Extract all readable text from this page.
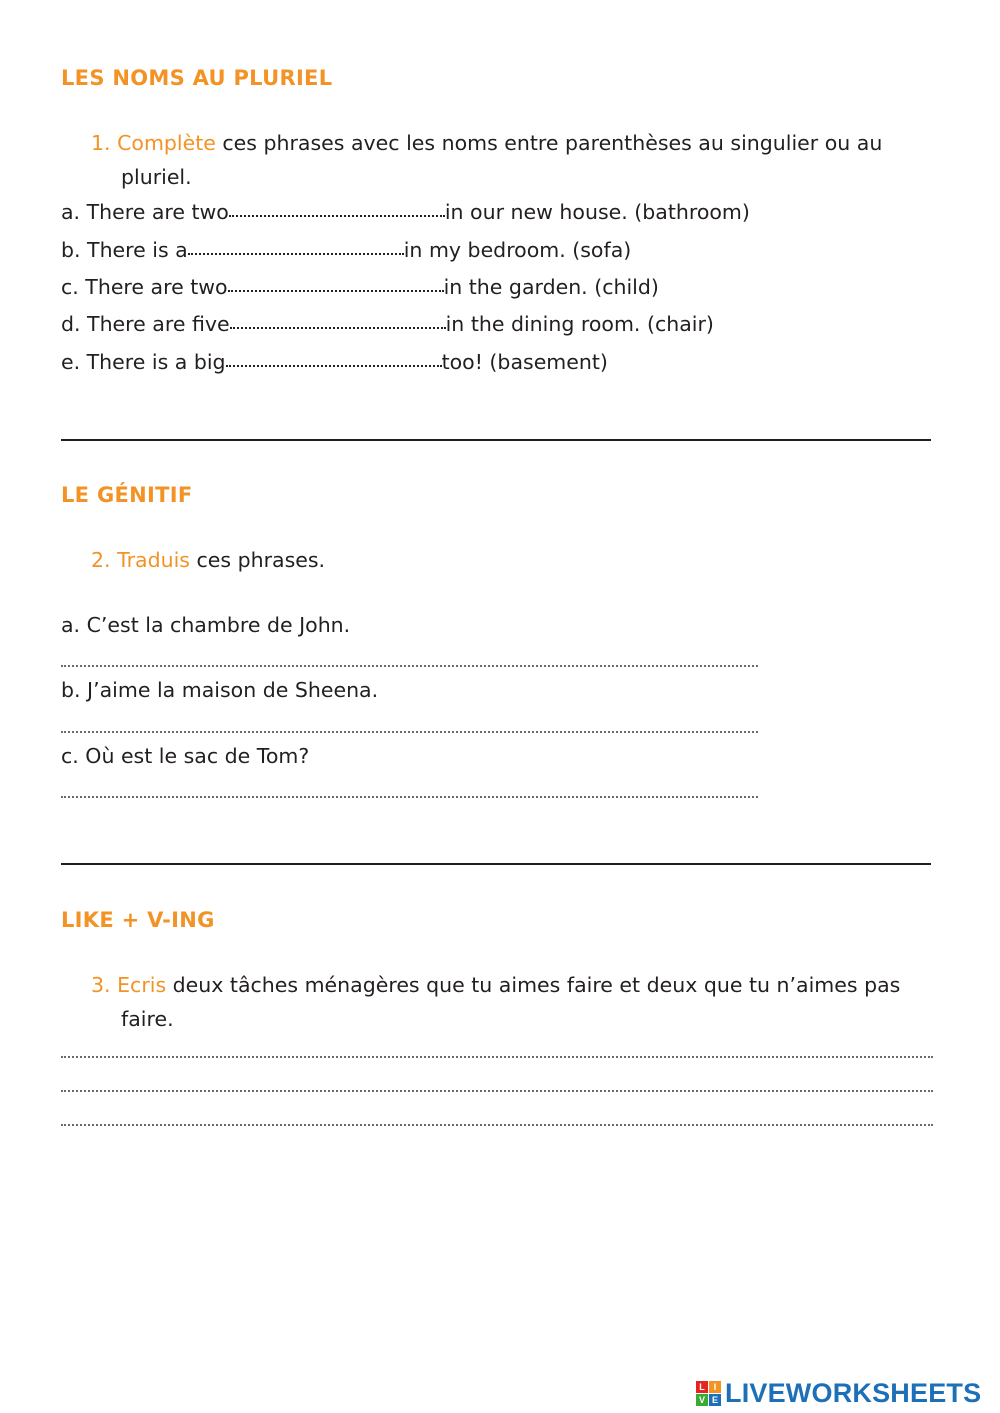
LES NOMS AU PLURIEL
1. Complète ces phrases avec les noms entre parenthèses au singulier ou au
pluriel.
a. There are two	in our new house. (bathroom)
b. There is a	in my bedroom. (sofa)
c. There are two	in the garden. (child)
d. There are five	in the dining room. (chair)
e. There is a big	too! (basement)
LE GÉNITIF
2. Traduis ces phrases.
a. C’est la chambre de John.
b. J’aime la maison de Sheena.
c. Où est le sac de Tom?
LIKE + V-ING
3. Ecris deux tâches ménagères que tu aimes faire et deux que tu n’aimes pas
faire.
L I
V E LIVEWORKSHEETS
